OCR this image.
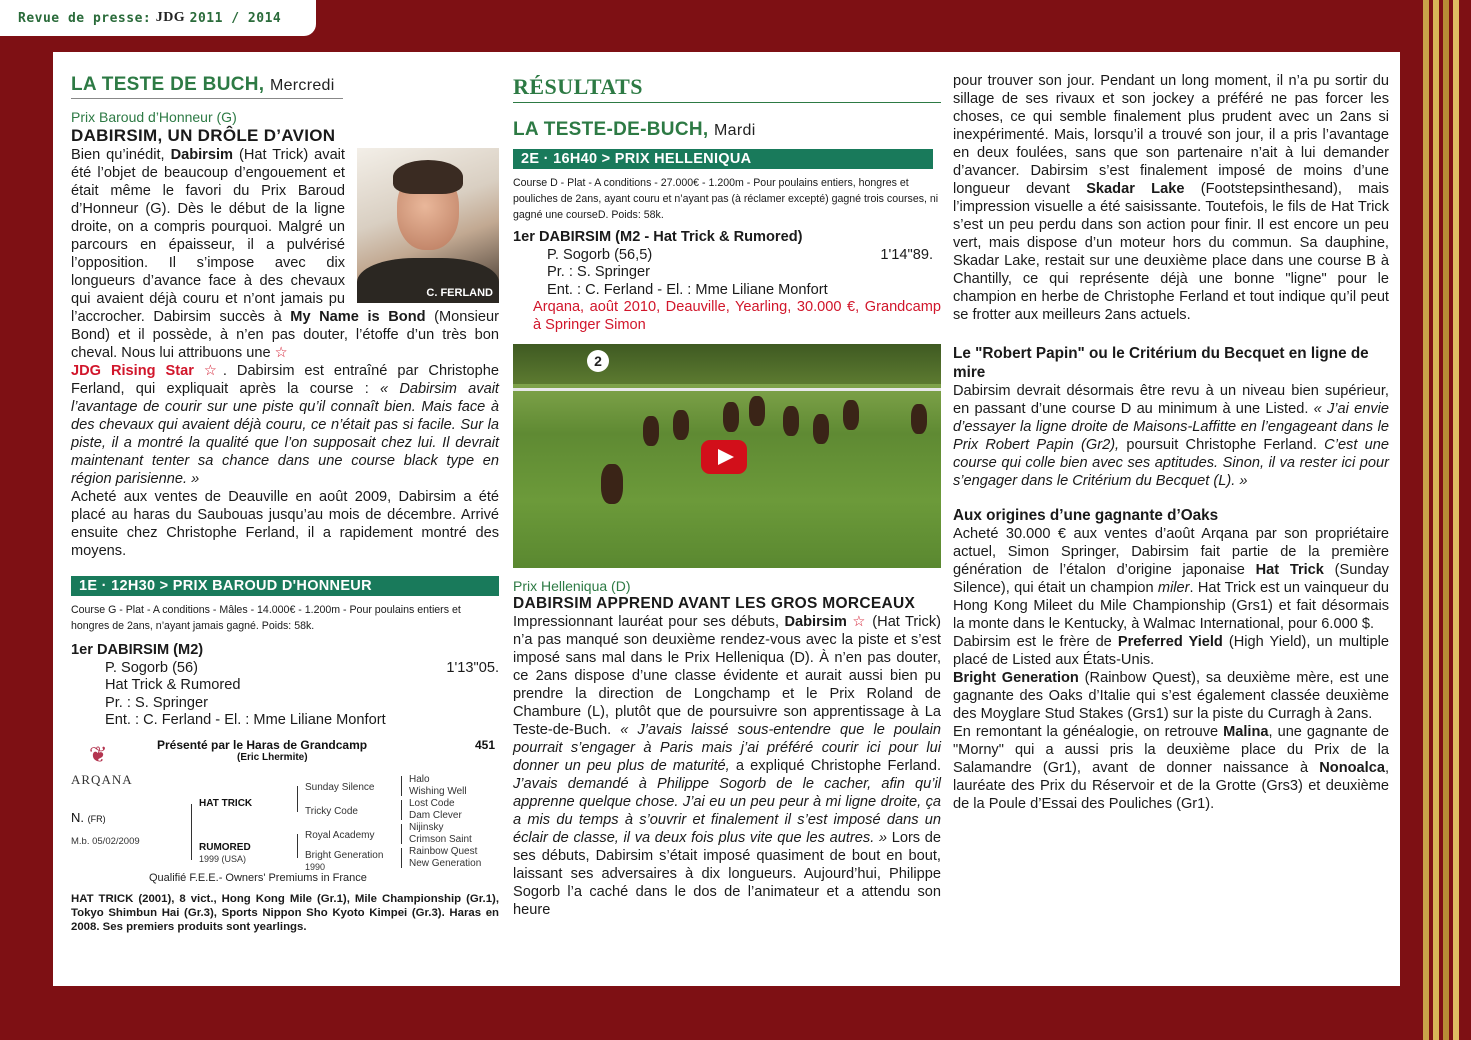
Revue de presse:
JDG
2011 / 2014
LA TESTE DE BUCH, Mercredi
Prix Baroud d’Honneur (G)
DABIRSIM, UN DRÔLE D’AVION
C. FERLAND

Bien qu’inédit, Dabirsim (Hat Trick) avait été l’objet de beaucoup d’engouement et était même le favori du Prix Baroud d’Honneur (G). Dès le début de la ligne droite, on a compris pourquoi. Malgré un parcours en épaisseur, il a pulvérisé l’opposition. Il s’impose avec dix longueurs d’avance face à des chevaux qui avaient déjà couru et n’ont jamais pu l’accrocher. Dabirsim succès à My Name is Bond (Monsieur Bond) et il possède, à n’en pas douter, l’étoffe d’un très bon cheval. Nous lui attribuons une ☆
JDG Rising Star ☆. Dabirsim est entraîné par Christophe Ferland, qui expliquait après la course : « Dabirsim avait l’avantage de courir sur une piste qu’il connaît bien. Mais face à des chevaux qui avaient déjà couru, ce n’était pas si facile. Sur la piste, il a montré la qualité que l’on supposait chez lui. Il devrait maintenant tenter sa chance dans une course black type en région parisienne. »

Acheté aux ventes de Deauville en août 2009, Dabirsim a été placé au haras du Saubouas jusqu’au mois de décembre. Arrivé ensuite chez Christophe Ferland, il a rapidement montré des moyens.

1E · 12H30 > PRIX BAROUD D'HONNEUR
Course G - Plat - A conditions - Mâles - 14.000€ - 1.200m - Pour poulains entiers et hongres de 2ans, n’ayant jamais gagné. Poids: 58k.
1er DABIRSIM (M2)
P. Sogorb (56)	1'13"05.
Hat Trick & Rumored
Pr. : S. Springer
Ent. : C. Ferland - El. : Mme Liliane Monfort
❦
ARQANA
Présenté par le Haras de Grandcamp
(Eric Lhermite)
451
N. (FR)
M.b. 05/02/2009
HAT TRICK
RUMORED
1999 (USA)
Sunday Silence
Tricky Code
Royal Academy
Bright Generation
1990
Halo
Wishing Well
Lost Code
Dam Clever
Nijinsky
Crimson Saint
Rainbow Quest
New Generation
Qualifié F.E.E.- Owners' Premiums in France

HAT TRICK (2001), 8 vict., Hong Kong Mile (Gr.1), Mile Championship (Gr.1), Tokyo Shimbun Hai (Gr.3), Sports Nippon Sho Kyoto Kimpei (Gr.3). Haras en 2008. Ses premiers produits sont yearlings.

RÉSULTATS
LA TESTE-DE-BUCH, Mardi
2E · 16H40 > PRIX HELLENIQUA
Course D - Plat - A conditions - 27.000€ - 1.200m - Pour poulains entiers, hongres et pouliches de 2ans, ayant couru et n’ayant pas (à réclamer excepté) gagné trois courses, ni gagné une courseD. Poids: 58k.
1er DABIRSIM (M2 - Hat Trick & Rumored)
P. Sogorb (56,5)	1'14"89.
Pr. : S. Springer
Ent. : C. Ferland - El. : Mme Liliane Monfort
Arqana, août 2010, Deauville, Yearling, 30.000 €, Grandcamp à Springer Simon
2
Prix Helleniqua (D)
DABIRSIM APPREND AVANT LES GROS MORCEAUX

Impressionnant lauréat pour ses débuts, Dabirsim ☆ (Hat Trick) n’a pas manqué son deuxième rendez-vous avec la piste et s’est imposé sans mal dans le Prix Helleniqua (D). À n’en pas douter, ce 2ans dispose d’une classe évidente et aurait aussi bien pu prendre la direction de Longchamp et le Prix Roland de Chambure (L), plutôt que de poursuivre son apprentissage à La Teste-de-Buch. « J’avais laissé sous-entendre que le poulain pourrait s’engager à Paris mais j’ai préféré courir ici pour lui donner un peu plus de maturité, a expliqué Christophe Ferland. J’avais demandé à Philippe Sogorb de le cacher, afin qu’il apprenne quelque chose. J’ai eu un peu peur à mi ligne droite, ça a mis du temps à s’ouvrir et finalement il s’est imposé dans un éclair de classe, il va deux fois plus vite que les autres. » Lors de ses débuts, Dabirsim s’était imposé quasiment de bout en bout, laissant ses adversaires à dix longueurs. Aujourd’hui, Philippe Sogorb l’a caché dans le dos de l’animateur et a attendu son heure

pour trouver son jour. Pendant un long moment, il n’a pu sortir du sillage de ses rivaux et son jockey a préféré ne pas forcer les choses, ce qui semble finalement plus prudent avec un 2ans si inexpérimenté. Mais, lorsqu’il a trouvé son jour, il a pris l’avantage en deux foulées, sans que son partenaire n’ait à lui demander d’avancer. Dabirsim s’est finalement imposé de moins d’une longueur devant Skadar Lake (Footstepsinthesand), mais l’impression visuelle a été saisissante. Toutefois, le fils de Hat Trick s’est un peu perdu dans son action pour finir. Il est encore un peu vert, mais dispose d’un moteur hors du commun. Sa dauphine, Skadar Lake, restait sur une deuxième place dans une course B à Chantilly, ce qui représente déjà une bonne "ligne" pour le champion en herbe de Christophe Ferland et tout indique qu’il peut se frotter aux meilleurs 2ans actuels.

Le "Robert Papin" ou le Critérium du Becquet en ligne de mire

Dabirsim devrait désormais être revu à un niveau bien supérieur, en passant d’une course D au minimum à une Listed. « J’ai envie d’essayer la ligne droite de Maisons-Laffitte en l’engageant dans le Prix Robert Papin (Gr2), poursuit Christophe Ferland. C’est une course qui colle bien avec ses aptitudes. Sinon, il va rester ici pour s’engager dans le Critérium du Becquet (L). »

Aux origines d’une gagnante d’Oaks

Acheté 30.000 € aux ventes d’août Arqana par son propriétaire actuel, Simon Springer, Dabirsim fait partie de la première génération de l’étalon d’origine japonaise Hat Trick (Sunday Silence), qui était un champion miler. Hat Trick est un vainqueur du Hong Kong Mileet du Mile Championship (Grs1) et fait désormais la monte dans le Kentucky, à Walmac International, pour 6.000 $.

Dabirsim est le frère de Preferred Yield (High Yield), un multiple placé de Listed aux États-Unis.

Bright Generation (Rainbow Quest), sa deuxième mère, est une gagnante des Oaks d’Italie qui s’est également classée deuxième des Moyglare Stud Stakes (Grs1) sur la piste du Curragh à 2ans.

En remontant la généalogie, on retrouve Malina, une gagnante de "Morny" qui a aussi pris la deuxième place du Prix de la Salamandre (Gr1), avant de donner naissance à Nonoalca, lauréate des Prix du Réservoir et de la Grotte (Grs3) et deuxième de la Poule d’Essai des Pouliches (Gr1).
